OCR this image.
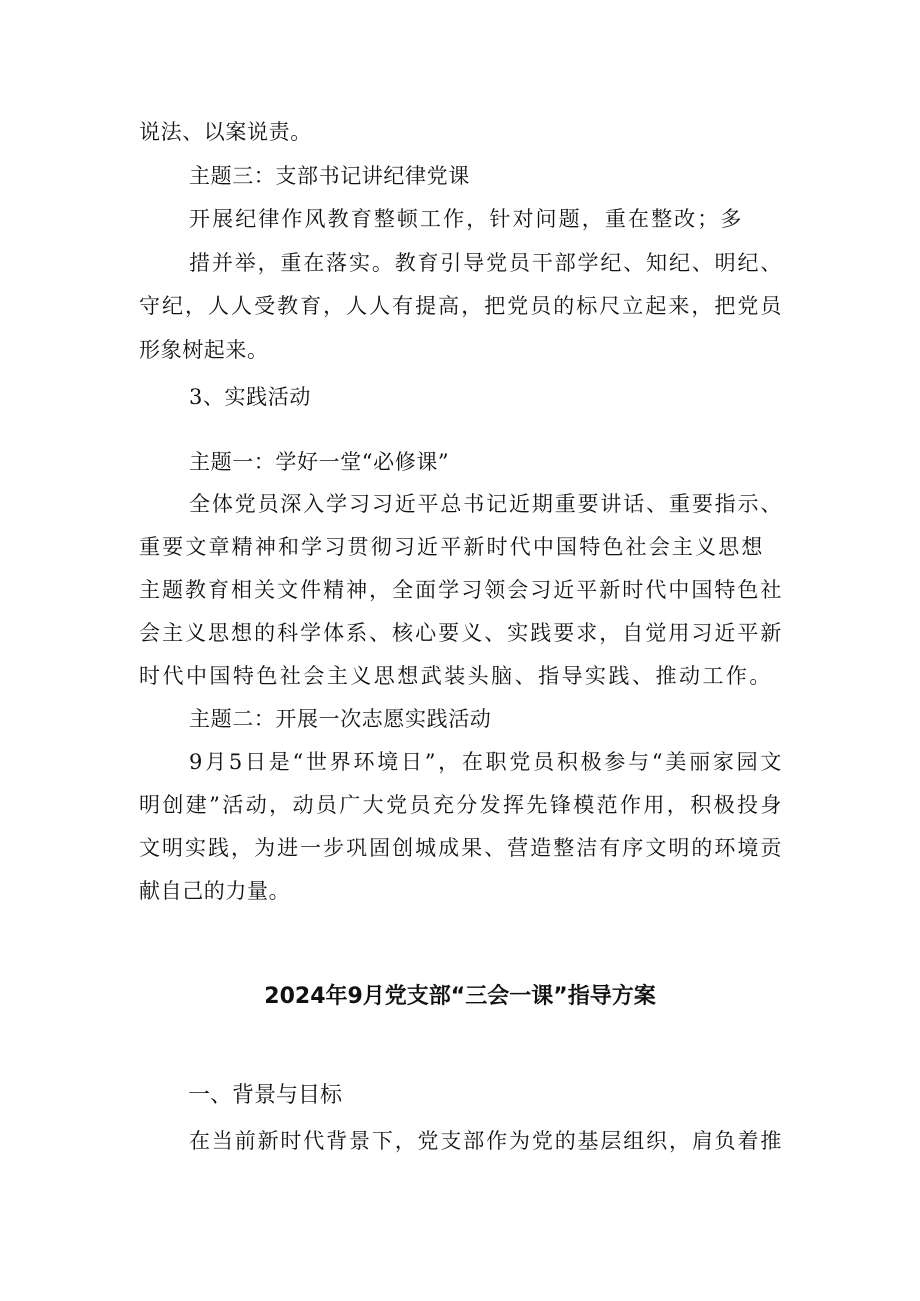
说法、以案说责。
主题三：支部书记讲纪律党课
开展纪律作风教育整顿工作，针对问题，重在整改；多
措并举，重在落实。教育引导党员干部学纪、知纪、明纪、
守纪，人人受教育，人人有提高，把党员的标尺立起来，把党员
形象树起来。
3、实践活动
主题一：学好一堂“必修课”
全体党员深入学习习近平总书记近期重要讲话、重要指示、
重要文章精神和学习贯彻习近平新时代中国特色社会主义思想
主题教育相关文件精神，全面学习领会习近平新时代中国特色社
会主义思想的科学体系、核心要义、实践要求，自觉用习近平新
时代中国特色社会主义思想武装头脑、指导实践、推动工作。
主题二：开展一次志愿实践活动
9月5日是“世界环境日”，在职党员积极参与“美丽家园文
明创建”活动，动员广大党员充分发挥先锋模范作用，积极投身
文明实践，为进一步巩固创城成果、营造整洁有序文明的环境贡
献自己的力量。
2024年9月党支部“三会一课”指导方案
一、背景与目标
在当前新时代背景下，党支部作为党的基层组织，肩负着推
